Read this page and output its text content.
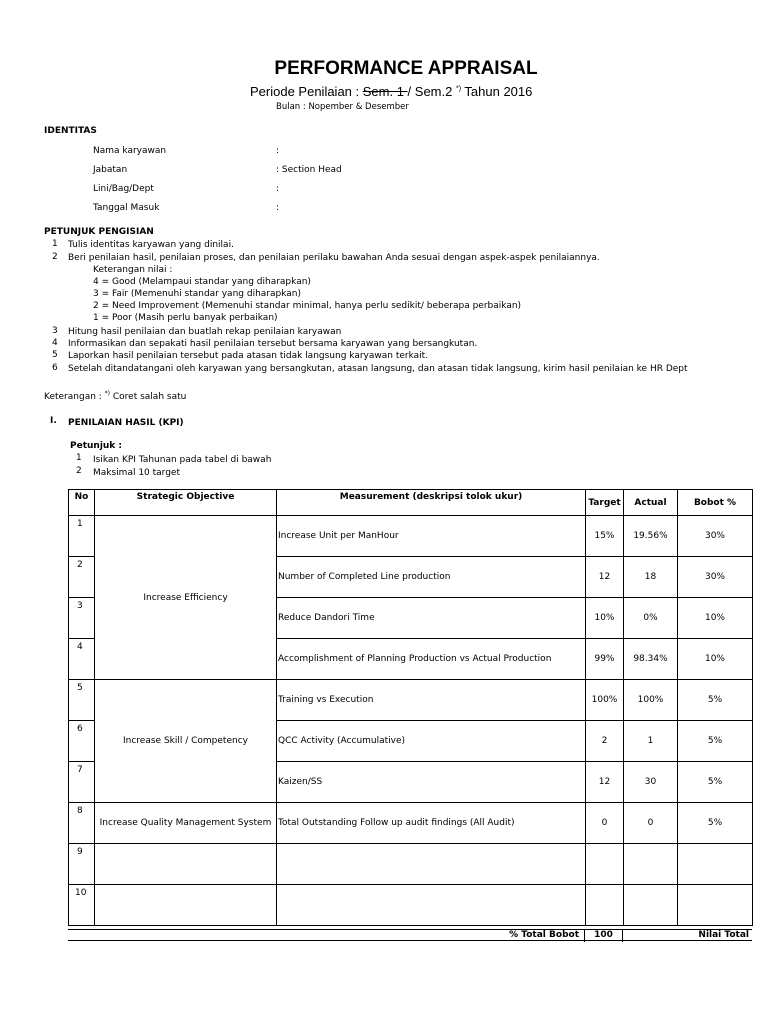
PERFORMANCE APPRAISAL
Periode Penilaian : Sem. 1 / Sem.2 *) Tahun 2016
Bulan : Nopember & Desember
IDENTITAS
Nama karyawan	:
Jabatan	: Section Head
Lini/Bag/Dept	:
Tanggal Masuk	:
PETUNJUK PENGISIAN
1 Tulis identitas karyawan yang dinilai.
2 Beri penilaian hasil, penilaian proses, dan penilaian perilaku bawahan Anda sesuai dengan aspek-aspek penilaiannya.
Keterangan nilai :
4 = Good (Melampaui standar yang diharapkan)
3 = Fair (Memenuhi standar yang diharapkan)
2 = Need Improvement (Memenuhi standar minimal, hanya perlu sedikit/ beberapa perbaikan)
1 = Poor (Masih perlu banyak perbaikan)
3 Hitung hasil penilaian dan buatlah rekap penilaian karyawan
4 Informasikan dan sepakati hasil penilaian tersebut bersama karyawan yang bersangkutan.
5 Laporkan hasil penilaian tersebut pada atasan tidak langsung karyawan terkait.
6 Setelah ditandatangani oleh karyawan yang bersangkutan, atasan langsung, dan atasan tidak langsung, kirim hasil penilaian ke HR Dept
Keterangan : *) Coret salah satu
I. PENILAIAN HASIL (KPI)
Petunjuk :
1 Isikan KPI Tahunan pada tabel di bawah
2 Maksimal 10 target
No	Strategic Objective	Measurement (deskripsi tolok ukur)	Target	Actual	Bobot %
1	Increase Efficiency	Increase Unit per ManHour	15%	19.56%	30%
2		Number of Completed Line production	12	18	30%
3		Reduce Dandori Time	10%	0%	10%
4		Accomplishment of Planning Production vs Actual Production	99%	98.34%	10%
5	Increase Skill / Competency	Training vs Execution	100%	100%	5%
6		QCC Activity (Accumulative)	2	1	5%
7		Kaizen/SS	12	30	5%
8	Increase Quality Management System	Total Outstanding Follow up audit findings (All Audit)	0	0	5%
9					
10					
% Total Bobot	100	Nilai Total
